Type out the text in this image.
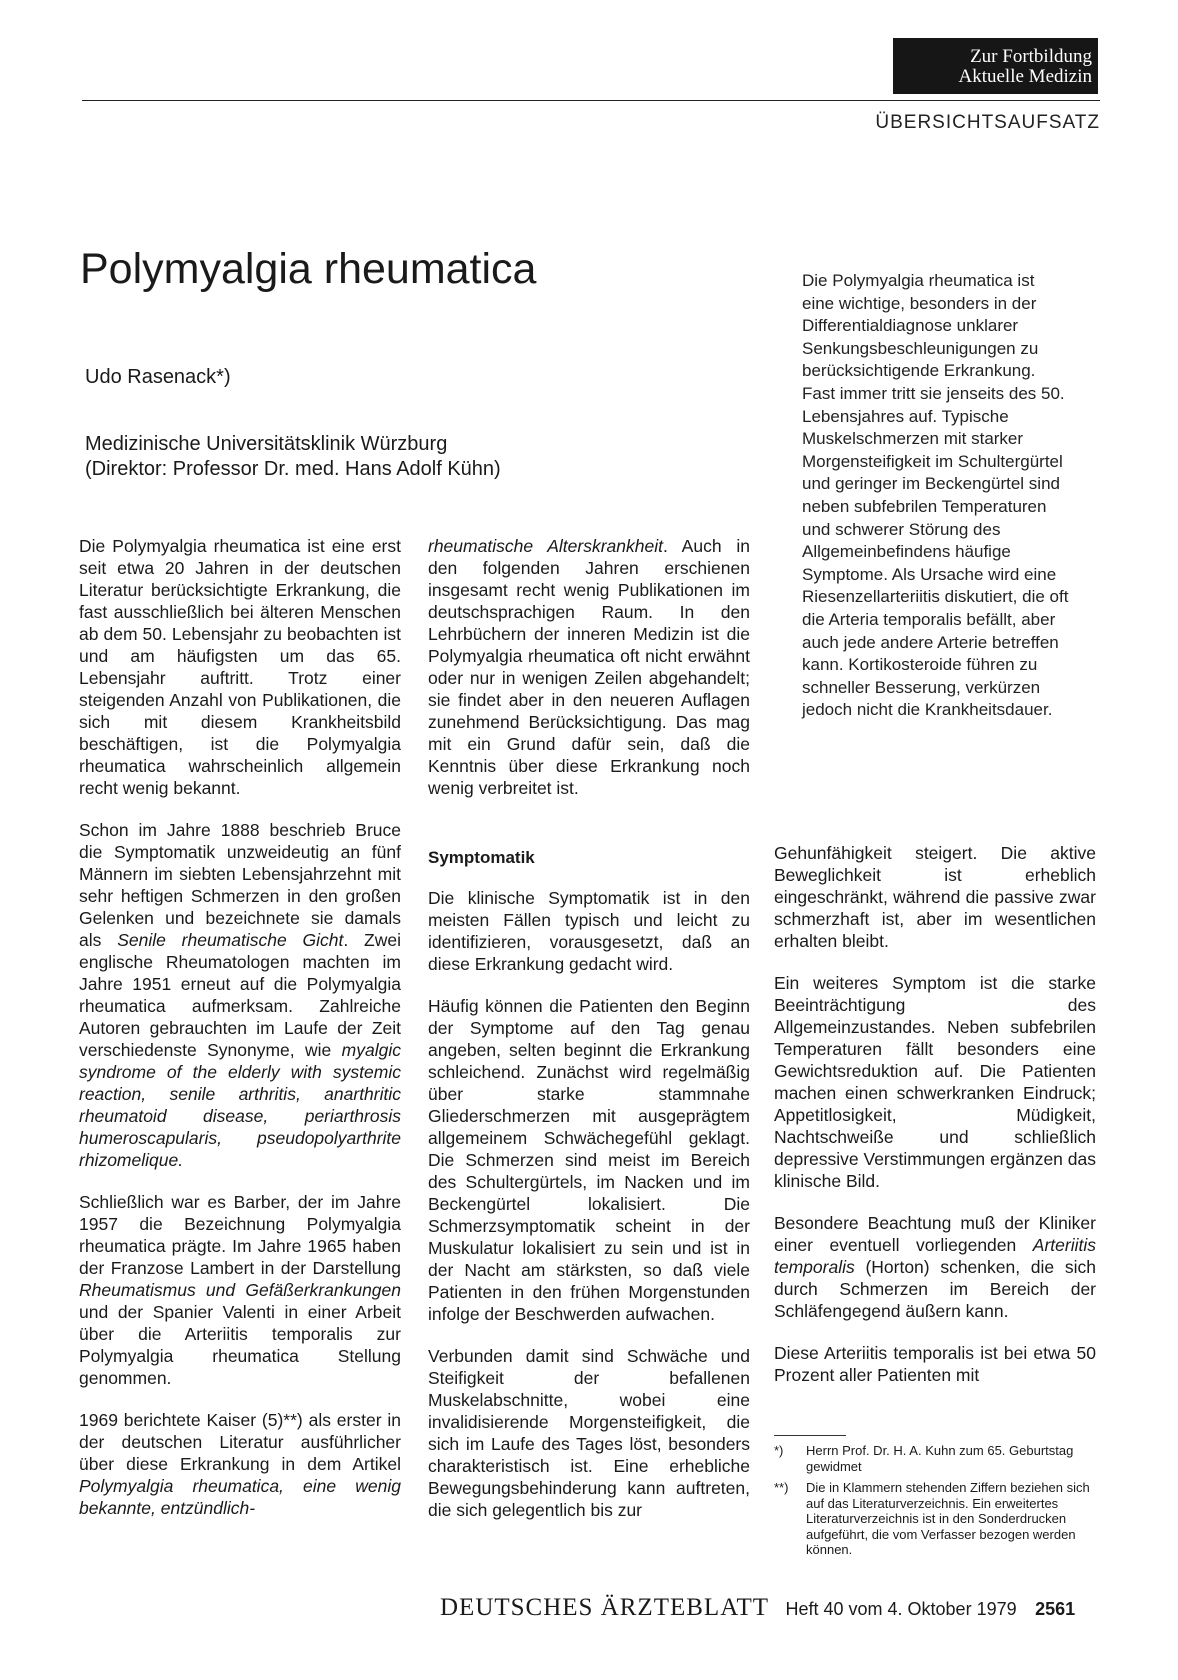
Zur Fortbildung
Aktuelle Medizin
ÜBERSICHTSAUFSATZ
Polymyalgia rheumatica
Udo Rasenack*)
Medizinische Universitätsklinik Würzburg
(Direktor: Professor Dr. med. Hans Adolf Kühn)
Die Polymyalgia rheumatica ist eine wichtige, besonders in der Differentialdiagnose unklarer Senkungsbeschleunigungen zu berücksichtigende Erkrankung. Fast immer tritt sie jenseits des 50. Lebensjahres auf. Typische Muskelschmerzen mit starker Morgensteifigkeit im Schultergürtel und geringer im Beckengürtel sind neben subfebrilen Temperaturen und schwerer Störung des Allgemeinbefindens häufige Symptome. Als Ursache wird eine Riesenzellarteriitis diskutiert, die oft die Arteria temporalis befällt, aber auch jede andere Arterie betreffen kann. Kortikosteroide führen zu schneller Besserung, verkürzen jedoch nicht die Krankheitsdauer.

Die Polymyalgia rheumatica ist eine erst seit etwa 20 Jahren in der deutschen Literatur berücksichtigte Erkrankung, die fast ausschließlich bei älteren Menschen ab dem 50. Lebensjahr zu beobachten ist und am häufigsten um das 65. Lebensjahr auftritt. Trotz einer steigenden Anzahl von Publikationen, die sich mit diesem Krankheitsbild beschäftigen, ist die Polymyalgia rheumatica wahrscheinlich allgemein recht wenig bekannt.

Schon im Jahre 1888 beschrieb Bruce die Symptomatik unzweideutig an fünf Männern im siebten Lebensjahrzehnt mit sehr heftigen Schmerzen in den großen Gelenken und bezeichnete sie damals als Senile rheumatische Gicht. Zwei englische Rheumatologen machten im Jahre 1951 erneut auf die Polymyalgia rheumatica aufmerksam. Zahlreiche Autoren gebrauchten im Laufe der Zeit verschiedenste Synonyme, wie myalgic syndrome of the elderly with systemic reaction, senile arthritis, anarthritic rheumatoid disease, periarthrosis humeroscapularis, pseudopolyarthrite rhizomelique.

Schließlich war es Barber, der im Jahre 1957 die Bezeichnung Polymyalgia rheumatica prägte. Im Jahre 1965 haben der Franzose Lambert in der Darstellung Rheumatismus und Gefäßerkrankungen und der Spanier Valenti in einer Arbeit über die Arteriitis temporalis zur Polymyalgia rheumatica Stellung genommen.

1969 berichtete Kaiser (5)**) als erster in der deutschen Literatur ausführlicher über diese Erkrankung in dem Artikel Polymyalgia rheumatica, eine wenig bekannte, entzündlich-

rheumatische Alterskrankheit. Auch in den folgenden Jahren erschienen insgesamt recht wenig Publikationen im deutschsprachigen Raum. In den Lehrbüchern der inneren Medizin ist die Polymyalgia rheumatica oft nicht erwähnt oder nur in wenigen Zeilen abgehandelt; sie findet aber in den neueren Auflagen zunehmend Berücksichtigung. Das mag mit ein Grund dafür sein, daß die Kenntnis über diese Erkrankung noch wenig verbreitet ist.

Symptomatik

Die klinische Symptomatik ist in den meisten Fällen typisch und leicht zu identifizieren, vorausgesetzt, daß an diese Erkrankung gedacht wird.

Häufig können die Patienten den Beginn der Symptome auf den Tag genau angeben, selten beginnt die Erkrankung schleichend. Zunächst wird regelmäßig über starke stammnahe Gliederschmerzen mit ausgeprägtem allgemeinem Schwächegefühl geklagt. Die Schmerzen sind meist im Bereich des Schultergürtels, im Nacken und im Beckengürtel lokalisiert. Die Schmerzsymptomatik scheint in der Muskulatur lokalisiert zu sein und ist in der Nacht am stärksten, so daß viele Patienten in den frühen Morgenstunden infolge der Beschwerden aufwachen.

Verbunden damit sind Schwäche und Steifigkeit der befallenen Muskelabschnitte, wobei eine invalidisierende Morgensteifigkeit, die sich im Laufe des Tages löst, besonders charakteristisch ist. Eine erhebliche Bewegungsbehinderung kann auftreten, die sich gelegentlich bis zur

Gehunfähigkeit steigert. Die aktive Beweglichkeit ist erheblich eingeschränkt, während die passive zwar schmerzhaft ist, aber im wesentlichen erhalten bleibt.

Ein weiteres Symptom ist die starke Beeinträchtigung des Allgemeinzustandes. Neben subfebrilen Temperaturen fällt besonders eine Gewichtsreduktion auf. Die Patienten machen einen schwerkranken Eindruck; Appetitlosigkeit, Müdigkeit, Nachtschweiße und schließlich depressive Verstimmungen ergänzen das klinische Bild.

Besondere Beachtung muß der Kliniker einer eventuell vorliegenden Arteriitis temporalis (Horton) schenken, die sich durch Schmerzen im Bereich der Schläfengegend äußern kann.

Diese Arteriitis temporalis ist bei etwa 50 Prozent aller Patienten mit

*)	Herrn Prof. Dr. H. A. Kuhn zum 65. Geburtstag gewidmet
**)	Die in Klammern stehenden Ziffern beziehen sich auf das Literaturverzeichnis. Ein erweitertes Literaturverzeichnis ist in den Sonderdrucken aufgeführt, die vom Verfasser bezogen werden können.
DEUTSCHES ÄRZTEBLATT Heft 40 vom 4. Oktober 1979 2561
